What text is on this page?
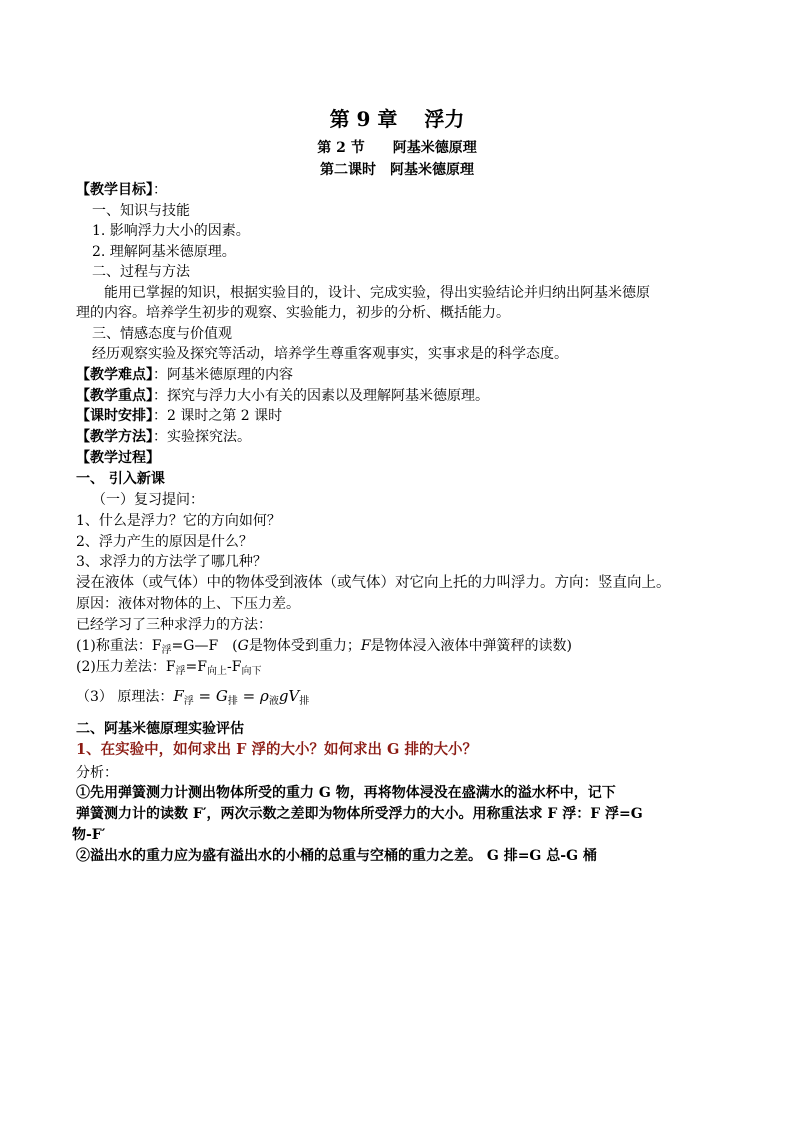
第 9 章　 浮力
第 2 节　　阿基米德原理
第二课时　阿基米德原理
【教学目标】：
一、知识与技能
1. 影响浮力大小的因素。
2. 理解阿基米德原理。
二、过程与方法
能用已掌握的知识，根据实验目的，设计、完成实验，得出实验结论并归纳出阿基米德原
理的内容。培养学生初步的观察、实验能力，初步的分析、概括能力。
三、情感态度与价值观
经历观察实验及探究等活动，培养学生尊重客观事实，实事求是的科学态度。
【教学难点】：阿基米德原理的内容
【教学重点】：探究与浮力大小有关的因素以及理解阿基米德原理。
【课时安排】：2 课时之第 2 课时
【教学方法】：实验探究法。
【教学过程】
一、 引入新课
（一）复习提问：
1、什么是浮力？它的方向如何？
2、浮力产生的原因是什么？
3、求浮力的方法学了哪几种？
浸在液体（或气体）中的物体受到液体（或气体）对它向上托的力叫浮力。方向：竖直向上。
原因：液体对物体的上、下压力差。
已经学习了三种求浮力的方法：
(1)称重法：$F_浮=G—F$　(G是物体受到重力；F是物体浸入液体中弹簧秤的读数)
(2)压力差法：$F_浮=F_{向上}-F_{向下}$
（3） 原理法：$F_浮 = G_排 = \rho_液gV_排$
二、阿基米德原理实验评估
1、在实验中，如何求出 F 浮的大小？如何求出 G 排的大小？
分析：
①先用弹簧测力计测出物体所受的重力 G 物，再将物体浸没在盛满水的溢水杯中，记下
弹簧测力计的读数 F′，两次示数之差即为物体所受浮力的大小。用称重法求 F 浮：F 浮=G
物-F′
②溢出水的重力应为盛有溢出水的小桶的总重与空桶的重力之差。 G 排=G 总-G 桶
